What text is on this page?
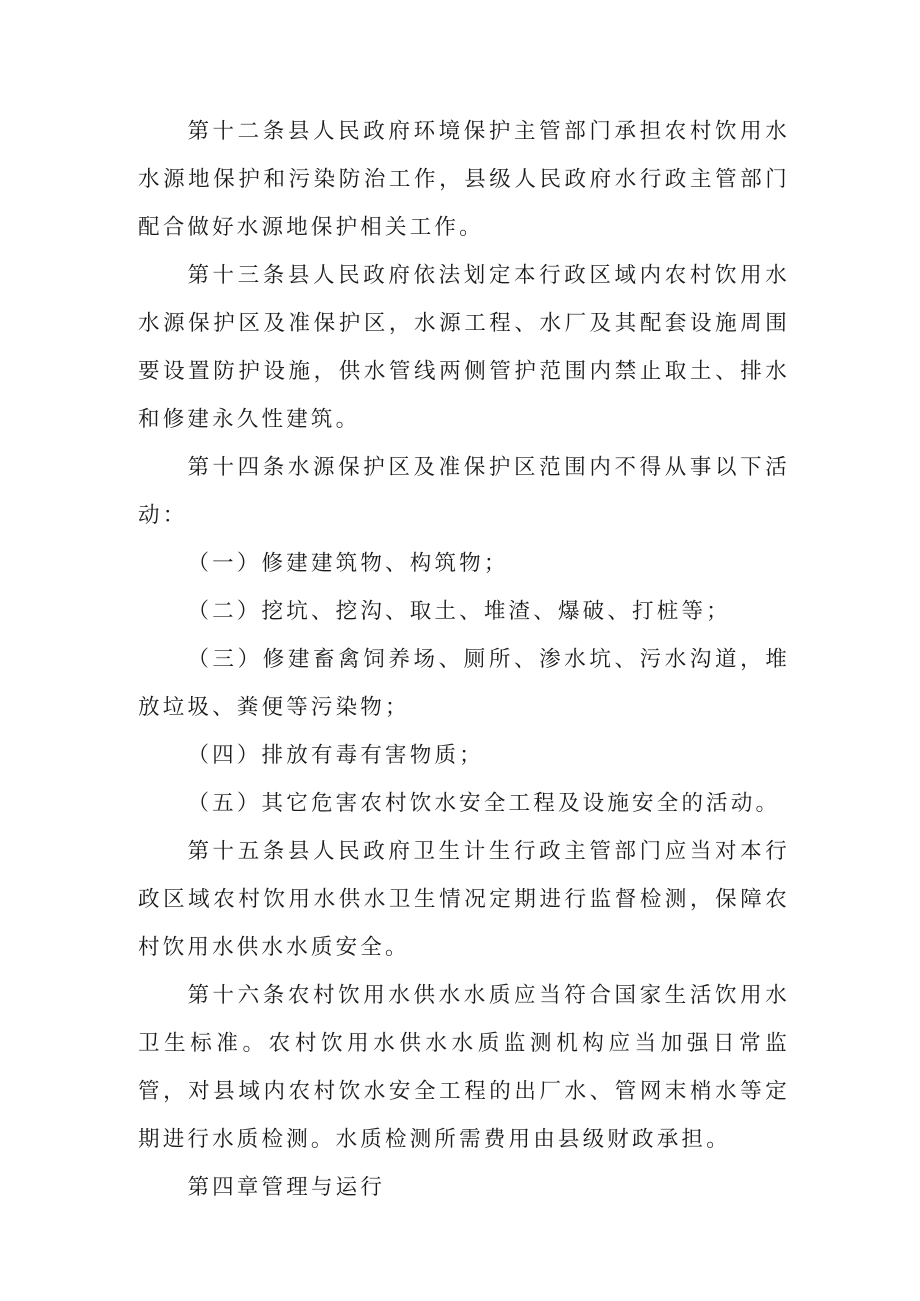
第十二条县人民政府环境保护主管部门承担农村饮用水水源地保护和污染防治工作，县级人民政府水行政主管部门配合做好水源地保护相关工作。

第十三条县人民政府依法划定本行政区域内农村饮用水水源保护区及准保护区，水源工程、水厂及其配套设施周围要设置防护设施，供水管线两侧管护范围内禁止取土、排水和修建永久性建筑。

第十四条水源保护区及准保护区范围内不得从事以下活动：

（一）修建建筑物、构筑物；

（二）挖坑、挖沟、取土、堆渣、爆破、打桩等；

（三）修建畜禽饲养场、厕所、渗水坑、污水沟道，堆放垃圾、粪便等污染物；

（四）排放有毒有害物质；

（五）其它危害农村饮水安全工程及设施安全的活动。

第十五条县人民政府卫生计生行政主管部门应当对本行政区域农村饮用水供水卫生情况定期进行监督检测，保障农村饮用水供水水质安全。

第十六条农村饮用水供水水质应当符合国家生活饮用水卫生标准。农村饮用水供水水质监测机构应当加强日常监管，对县域内农村饮水安全工程的出厂水、管网末梢水等定期进行水质检测。水质检测所需费用由县级财政承担。

第四章管理与运行
